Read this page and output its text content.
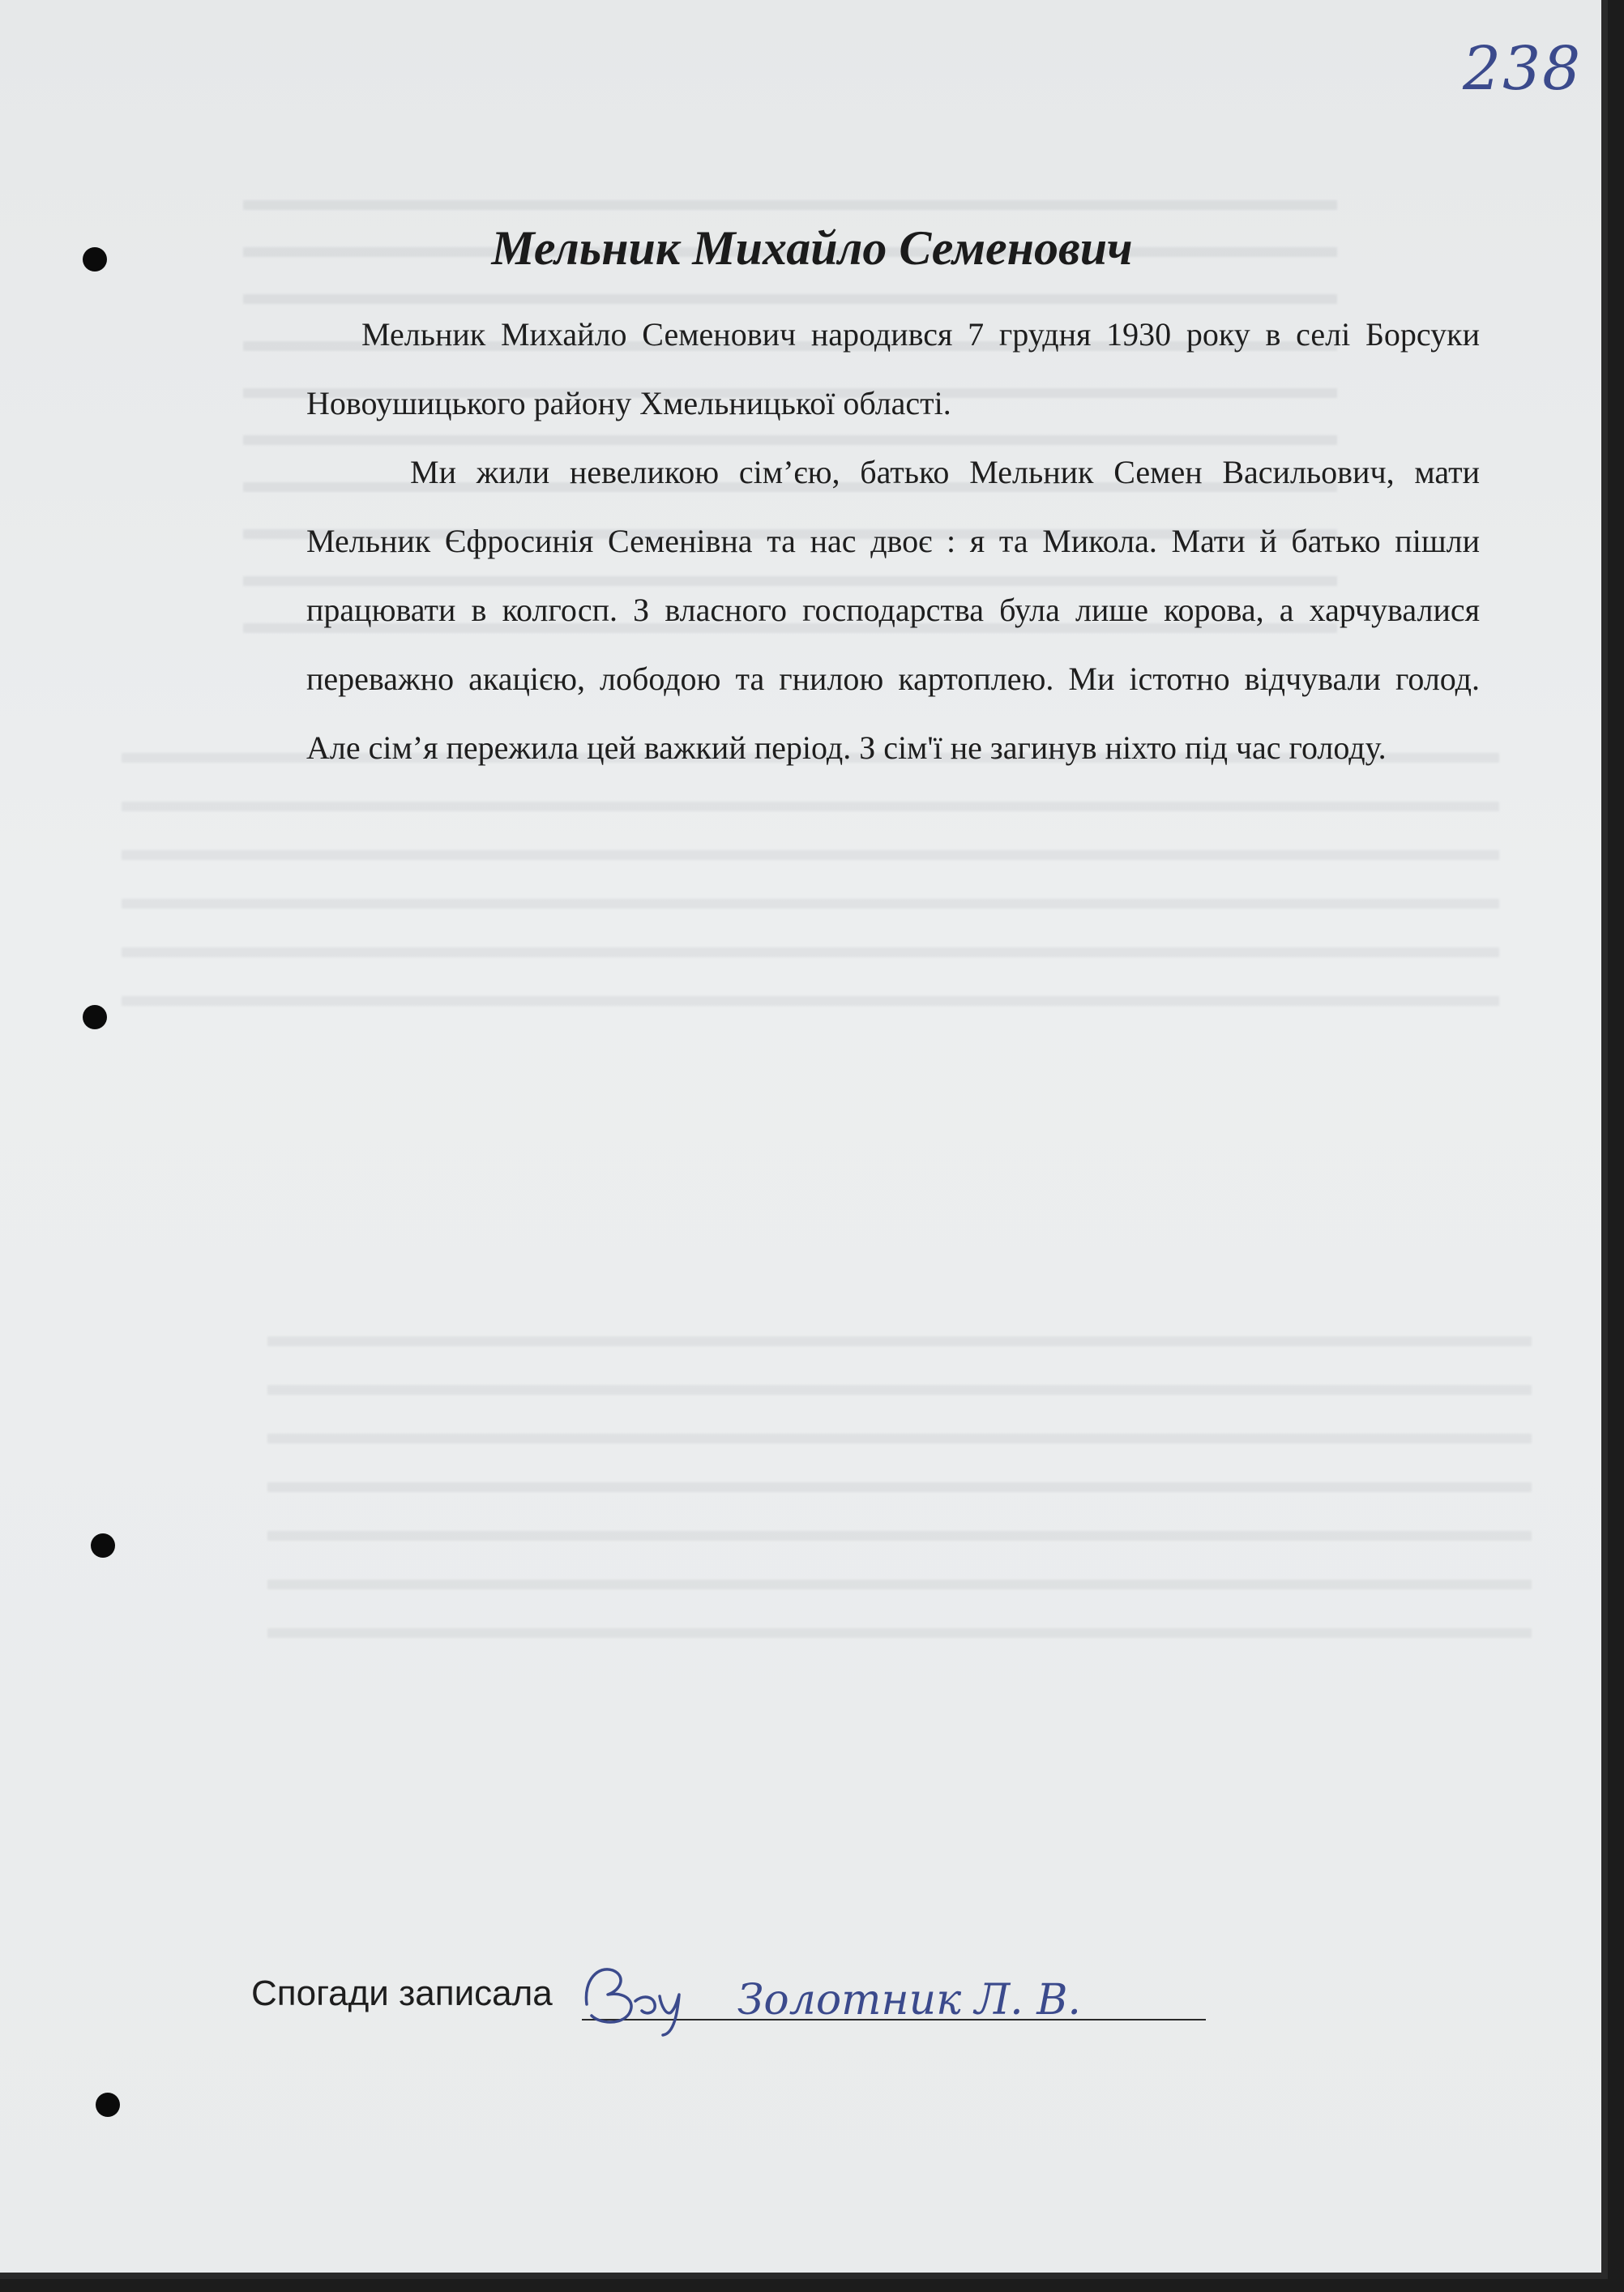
238
Мельник Михайло Семенович

Мельник Михайло Семенович народився 7 грудня 1930 року в селі Борсуки Новоушицького району Хмельницької області.

Ми жили невеликою сім’єю, батько Мельник Семен Васильович, мати Мельник Єфросинія Семенівна та нас двоє : я та Микола. Мати й батько пішли працювати в колгосп. З власного господарства була лише корова, а харчувалися переважно акацією, лободою та гнилою картоплею. Ми істотно відчували голод. Але сім’я пережила цей важкий період. З сім'ї не загинув ніхто під час голоду.

Спогади записала	Золотник Л. В.
